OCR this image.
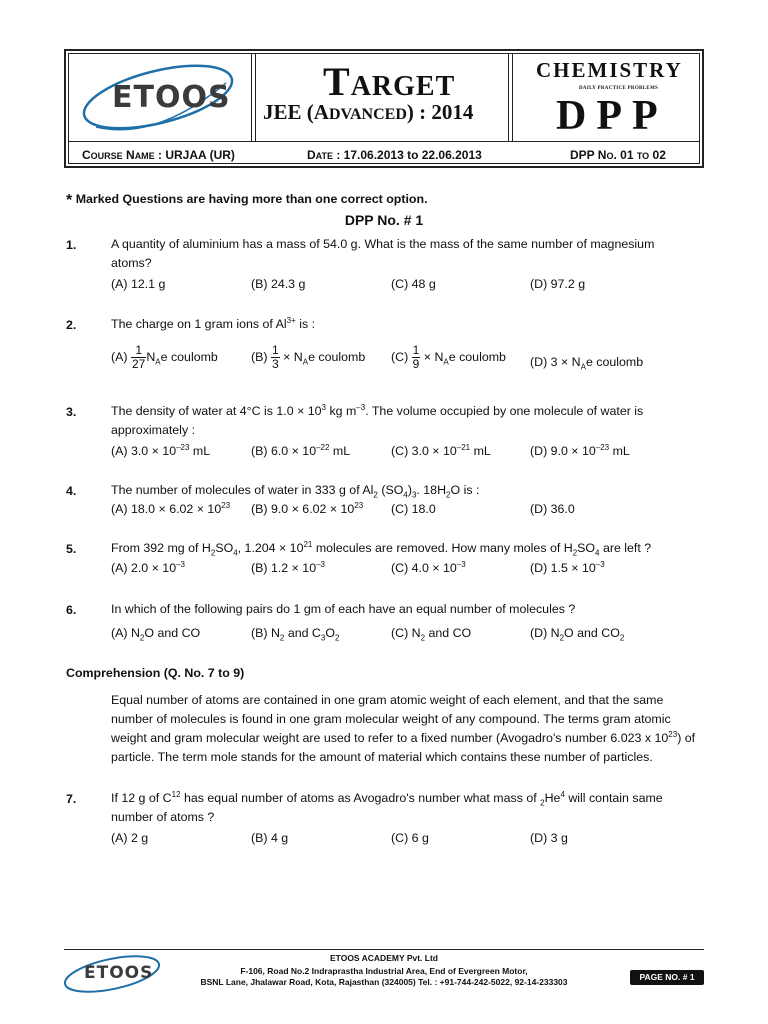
ETOOS TARGET
JEE (ADVANCED) : 2014
CHEMISTRY
DAILY PRACTICE PROBLEMS
DPP
COURSE NAME : URJAA (UR)	DATE : 17.06.2013 to 22.06.2013	DPP NO. 01 TO 02
* Marked Questions are having more than one correct option.
DPP No. # 1
1.	A quantity of aluminium has a mass of 54.0 g. What is the mass of the same number of magnesium
atoms?
(A) 12.1 g	(B) 24.3 g	(C) 48 g	(D) 97.2 g
2.	The charge on 1 gram ions of $Al^{3+}$ is :
$(A) \frac{1}{27} N_Ae$ coulomb	$(B) \frac{1}{3} \times N_Ae$ coulomb $(C) \frac{1}{9} \times N_Ae$ coulomb (D) $3 \times N_Ae$ coulomb
3.	The density of water at 4°C is $1.0 \times 10^3$ kg $m^{-3}$. The volume occupied by one molecule of water is
approximately :
(A) $3.0 \times 10^{-23}$ mL	(B) $6.0 \times 10^{-22}$ mL	(C) $3.0 \times 10^{-21}$ mL	(D) $9.0 \times 10^{-23}$ mL
4.	The number of molecules of water in 333 g of $Al_2$ $(SO_4)_3$. $18H_2O$ is :
(A) $18.0 \times 6.02 \times 10^{23}$ (B) $9.0 \times 6.02 \times 10^{23}$ (C) 18.0	(D) 36.0
5.	From 392 mg of $H_2SO_4$, $1.204 \times 10^{21}$ molecules are removed. How many moles of $H_2SO_4$ are left ?
(A) $2.0 \times 10^{-3}$	(B) $1.2 \times 10^{-3}$	(C) $4.0 \times 10^{-3}$	(D) $1.5 \times 10^{-3}$
6.	In which of the following pairs do 1 gm of each have an equal number of molecules ?
(A) $N_2O$ and CO	(B) $N_2$ and $C_3O_2$	(C) $N_2$ and CO	(D) $N_2O$ and $CO_2$
Comprehension (Q. No. 7 to 9)
Equal number of atoms are contained in one gram atomic weight of each element, and that the same
number of molecules is found in one gram molecular weight of any compound. The terms gram atomic
weight and gram molecular weight are used to refer to a fixed number (Avogadro's number 6.023 x $10^{23}$) of
particle. The term mole stands for the amount of material which contains these number of particles.
7.	If 12 g of $C^{12}$ has equal number of atoms as Avogadro's number what mass of $_2He^4$ will contain same
number of atoms ?
(A) 2 g	(B) 4 g	(C) 6 g	(D) 3 g
ETOOS
ETOOS ACADEMY Pvt. Ltd
F-106, Road No.2 Indraprastha Industrial Area, End of Evergreen Motor,
BSNL Lane, Jhalawar Road, Kota, Rajasthan (324005) Tel. : +91-744-242-5022, 92-14-233303	PAGE NO. # 1
